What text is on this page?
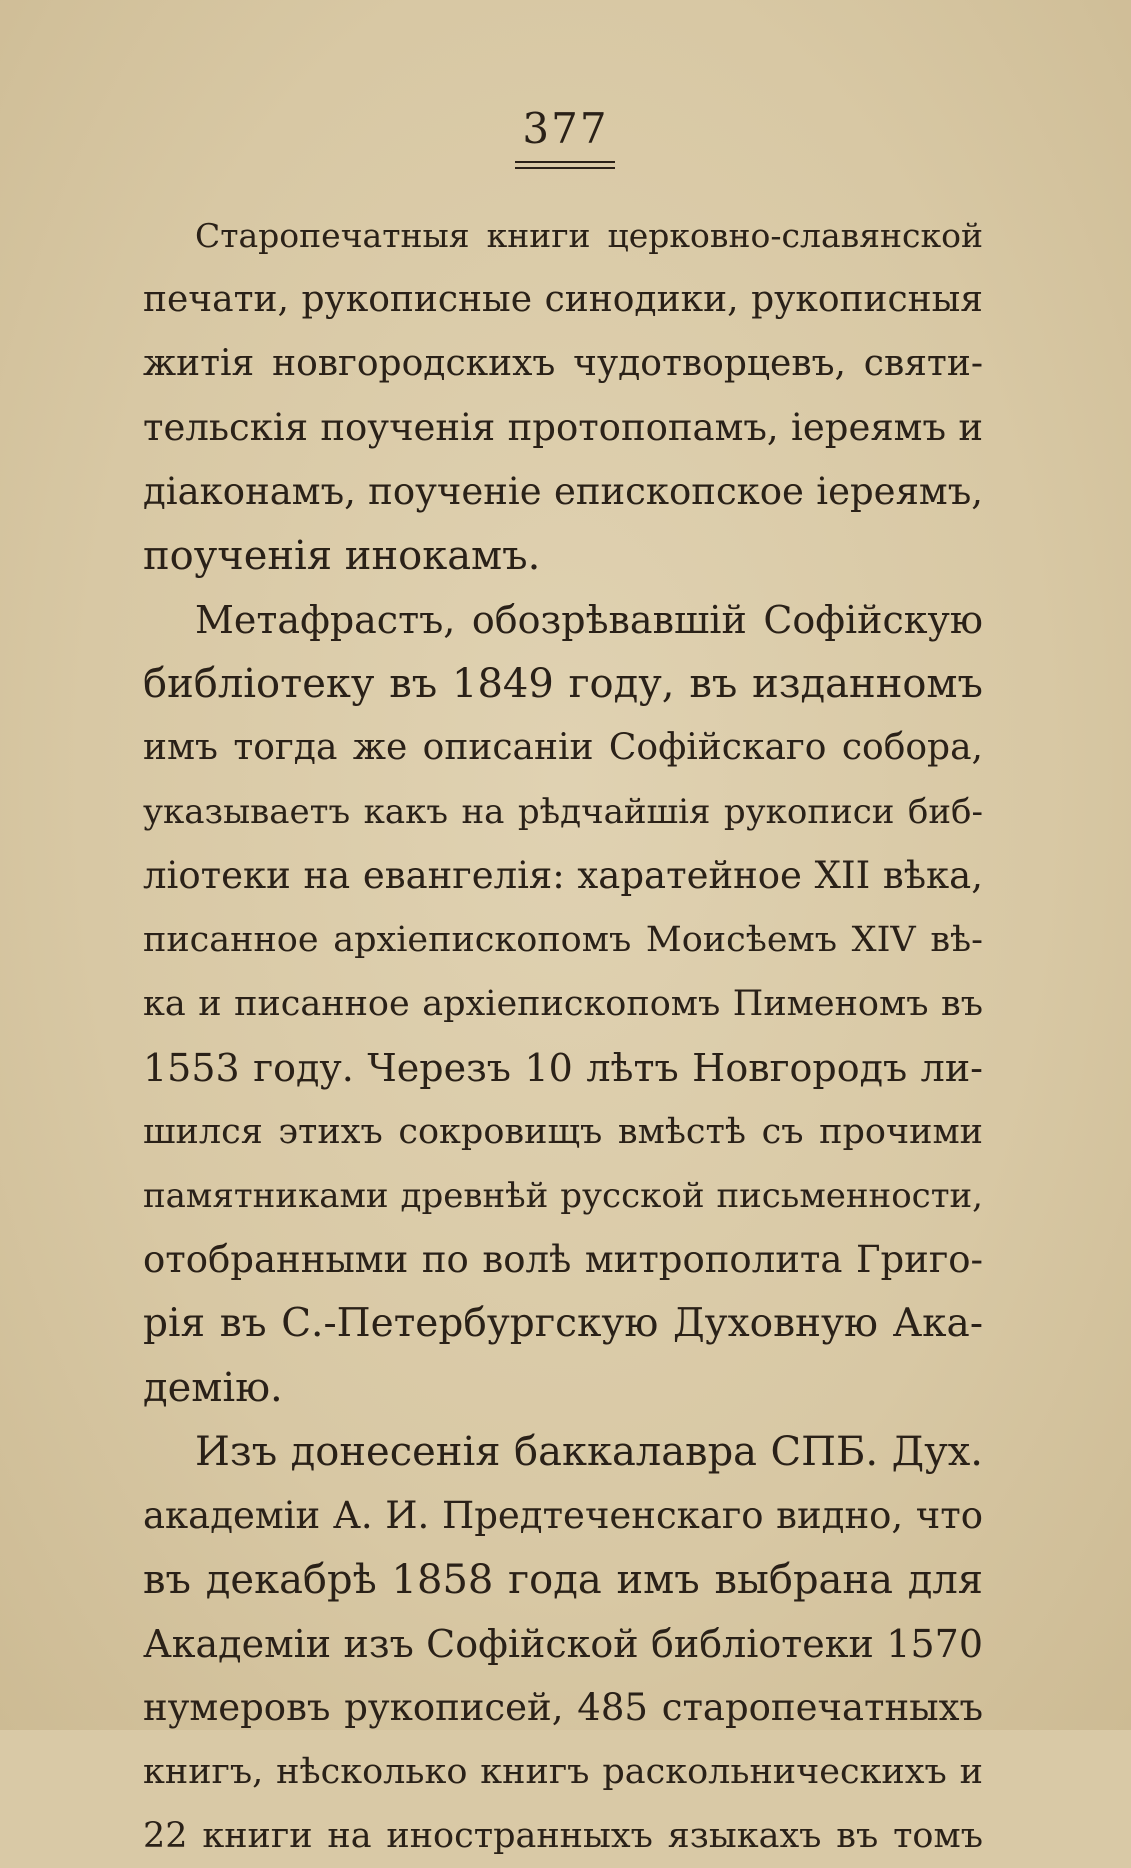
377
Старопечатныя книги церковно-славянской
печати, рукописные синодики, рукописныя
житія новгородскихъ чудотворцевъ, святи-
тельскія поученія протопопамъ, іереямъ и
діаконамъ, поученіе епископское іереямъ,
поученія инокамъ.
Метафрастъ, обозрѣвавшій Софійскую
библіотеку въ 1849 году, въ изданномъ
имъ тогда же описаніи Софійскаго собора,
указываетъ какъ на рѣдчайшія рукописи биб-
ліотеки на евангелія: харатейное XII вѣка,
писанное архіепископомъ Моисѣемъ XIV вѣ-
ка и писанное архіепископомъ Пименомъ въ
1553 году. Черезъ 10 лѣтъ Новгородъ ли-
шился этихъ сокровищъ вмѣстѣ съ прочими
памятниками древнѣй русской письменности,
отобранными по волѣ митрополита Григо-
рія въ С.-Петербургскую Духовную Ака-
демію.
Изъ донесенія баккалавра СПБ. Дух.
академіи А. И. Предтеченскаго видно, что
въ декабрѣ 1858 года имъ выбрана для
Академіи изъ Софійской библіотеки 1570
нумеровъ рукописей, 485 старопечатныхъ
книгъ, нѣсколько книгъ раскольническихъ и
22 книги на иностранныхъ языкахъ въ томъ
